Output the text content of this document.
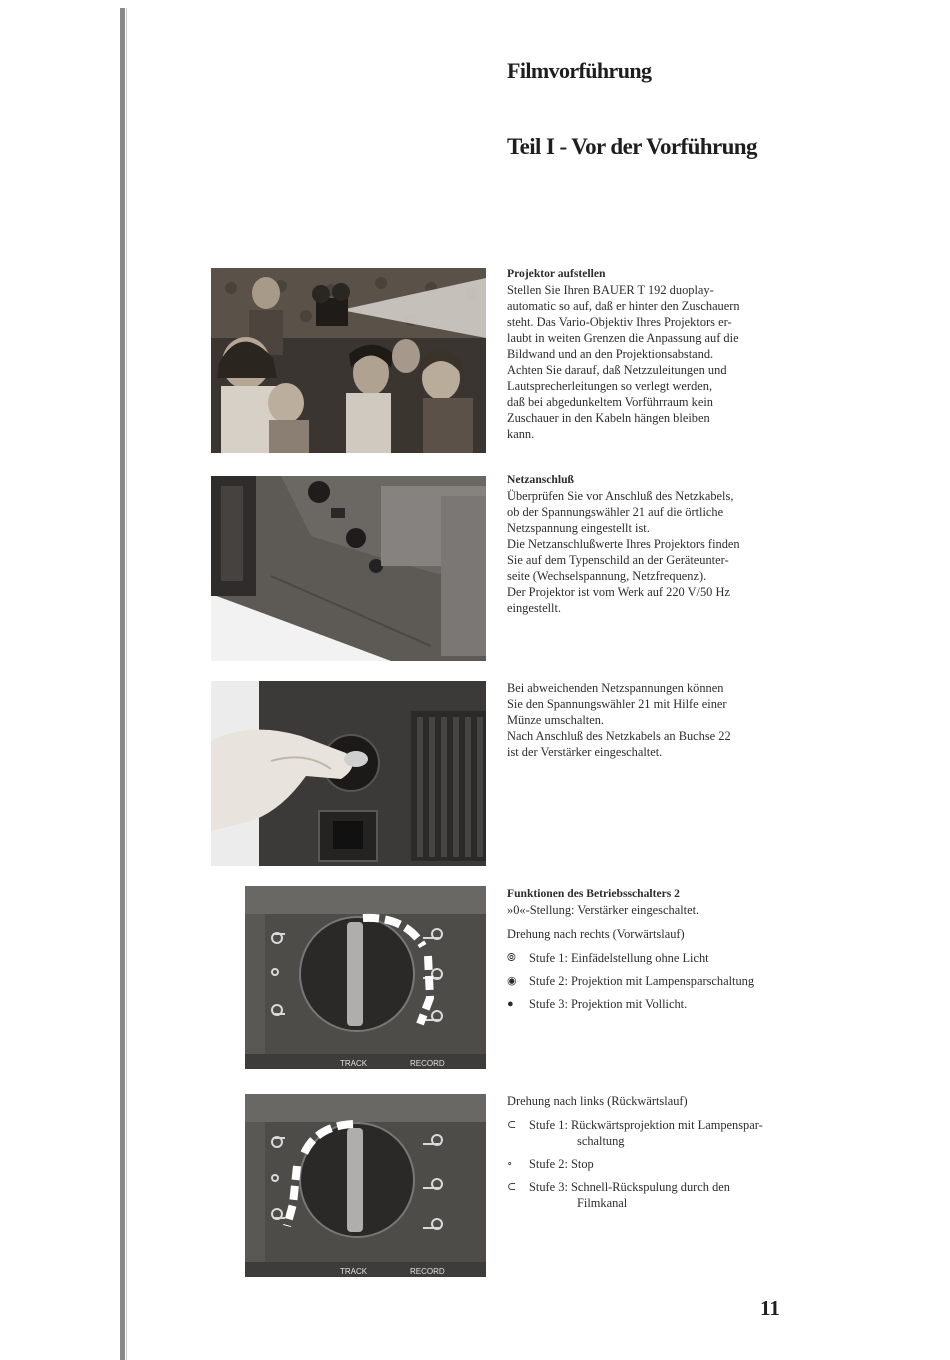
Filmvorführung
Teil I - Vor der Vorführung
Projektor aufstellen

Stellen Sie Ihren BAUER T 192 duoplay-

automatic so auf, daß er hinter den Zuschauern

steht. Das Vario-Objektiv Ihres Projektors er-

laubt in weiten Grenzen die Anpassung auf die

Bildwand und an den Projektionsabstand.

Achten Sie darauf, daß Netzzuleitungen und

Lautsprecherleitungen so verlegt werden,

daß bei abgedunkeltem Vorführraum kein

Zuschauer in den Kabeln hängen bleiben

kann.

Netzanschluß

Überprüfen Sie vor Anschluß des Netzkabels,

ob der Spannungswähler 21 auf die örtliche

Netzspannung eingestellt ist.

Die Netzanschlußwerte Ihres Projektors finden

Sie auf dem Typenschild an der Geräteunter-

seite (Wechselspannung, Netzfrequenz).

Der Projektor ist vom Werk auf 220 V/50 Hz

eingestellt.

Bei abweichenden Netzspannungen können

Sie den Spannungswähler 21 mit Hilfe einer

Münze umschalten.

Nach Anschluß des Netzkabels an Buchse 22

ist der Verstärker eingeschaltet.

TRACK	RECORD
Funktionen des Betriebsschalters 2

»0«-Stellung: Verstärker eingeschaltet.

Drehung nach rechts (Vorwärtslauf)

⦾	Stufe 1: Einfädelstellung ohne Licht

◉ Stufe 2: Projektion mit Lampensparschaltung

●	Stufe 3: Projektion mit Vollicht.

TRACK	RECORD

Drehung nach links (Rückwärtslauf)

⊂	Stufe 1: Rückwärtsprojektion mit Lampenspar-
schaltung

∘	Stufe 2: Stop

⊂	Stufe 3: Schnell-Rückspulung durch den
Filmkanal

11
